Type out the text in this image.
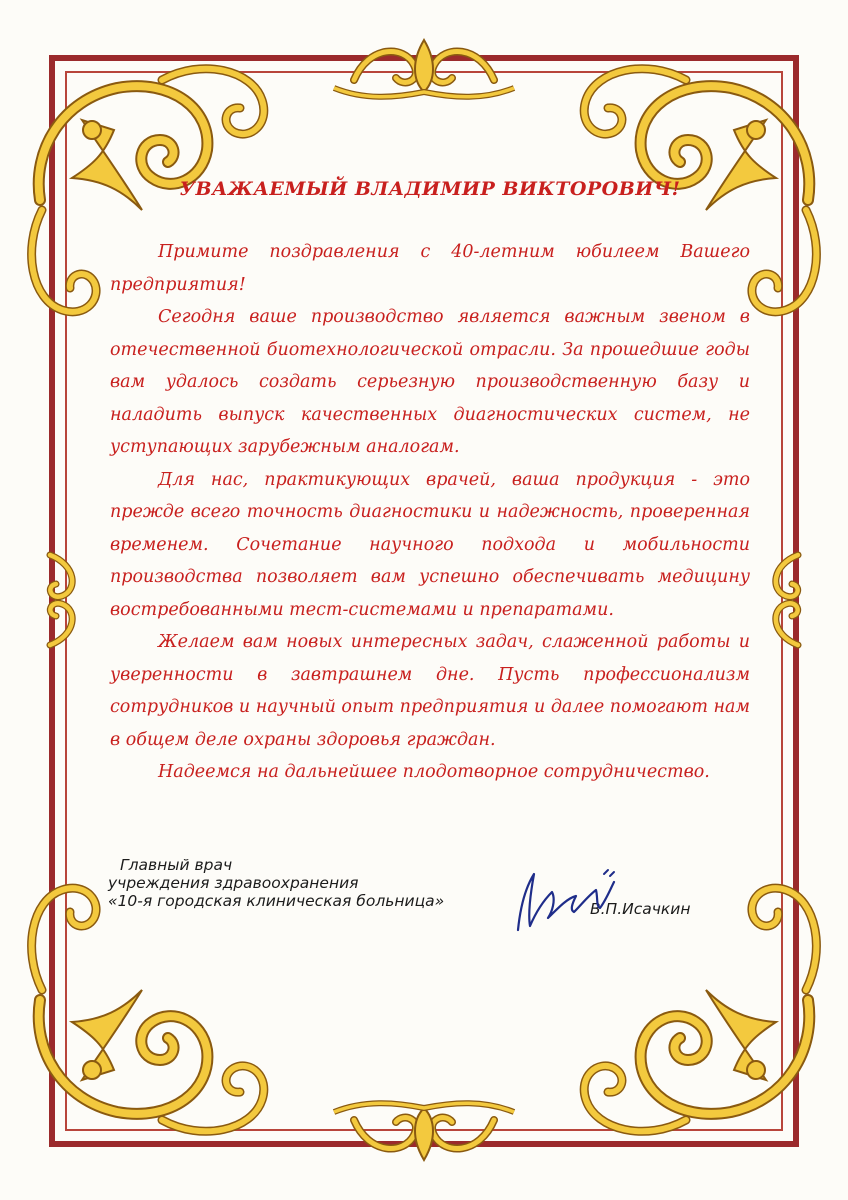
УВАЖАЕМЫЙ ВЛАДИМИР ВИКТОРОВИЧ!

Примите поздравления с 40-летним юбилеем Вашего предприятия!

Сегодня ваше производство является важным звеном в отечественной биотехнологической отрасли. За прошедшие годы вам удалось создать серьезную производственную базу и наладить выпуск качественных диагностических систем, не уступающих зарубежным аналогам.

Для нас, практикующих врачей, ваша продукция - это прежде всего точность диагностики и надежность, проверенная временем. Сочетание научного подхода и мобильности производства позволяет вам успешно обеспечивать медицину востребованными тест-системами и препаратами.

Желаем вам новых интересных задач, слаженной работы и уверенности в завтрашнем дне. Пусть профессионализм сотрудников и научный опыт предприятия и далее помогают нам в общем деле охраны здоровья граждан.

Надеемся на дальнейшее плодотворное сотрудничество.

Главный врач
учреждения здравоохранения
«10-я городская клиническая больница»	В.П.Исачкин
